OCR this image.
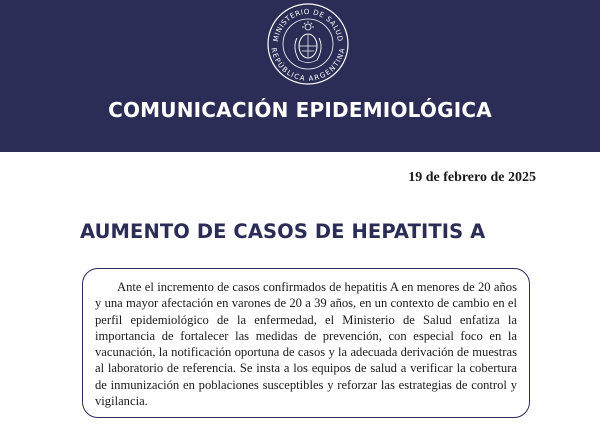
MINISTERIO DE SALUD
REPÚBLICA ARGENTINA
COMUNICACIÓN EPIDEMIOLÓGICA
19 de febrero de 2025
AUMENTO DE CASOS DE HEPATITIS A

Ante el incremento de casos confirmados de hepatitis A en menores de 20 años y una mayor afectación en varones de 20 a 39 años, en un contexto de cambio en el perfil epidemiológico de la enfermedad, el Ministerio de Salud enfatiza la importancia de fortalecer las medidas de prevención, con especial foco en la vacunación, la notificación oportuna de casos y la adecuada derivación de muestras al laboratorio de referencia. Se insta a los equipos de salud a verificar la cobertura de inmunización en poblaciones susceptibles y reforzar las estrategias de control y vigilancia.
